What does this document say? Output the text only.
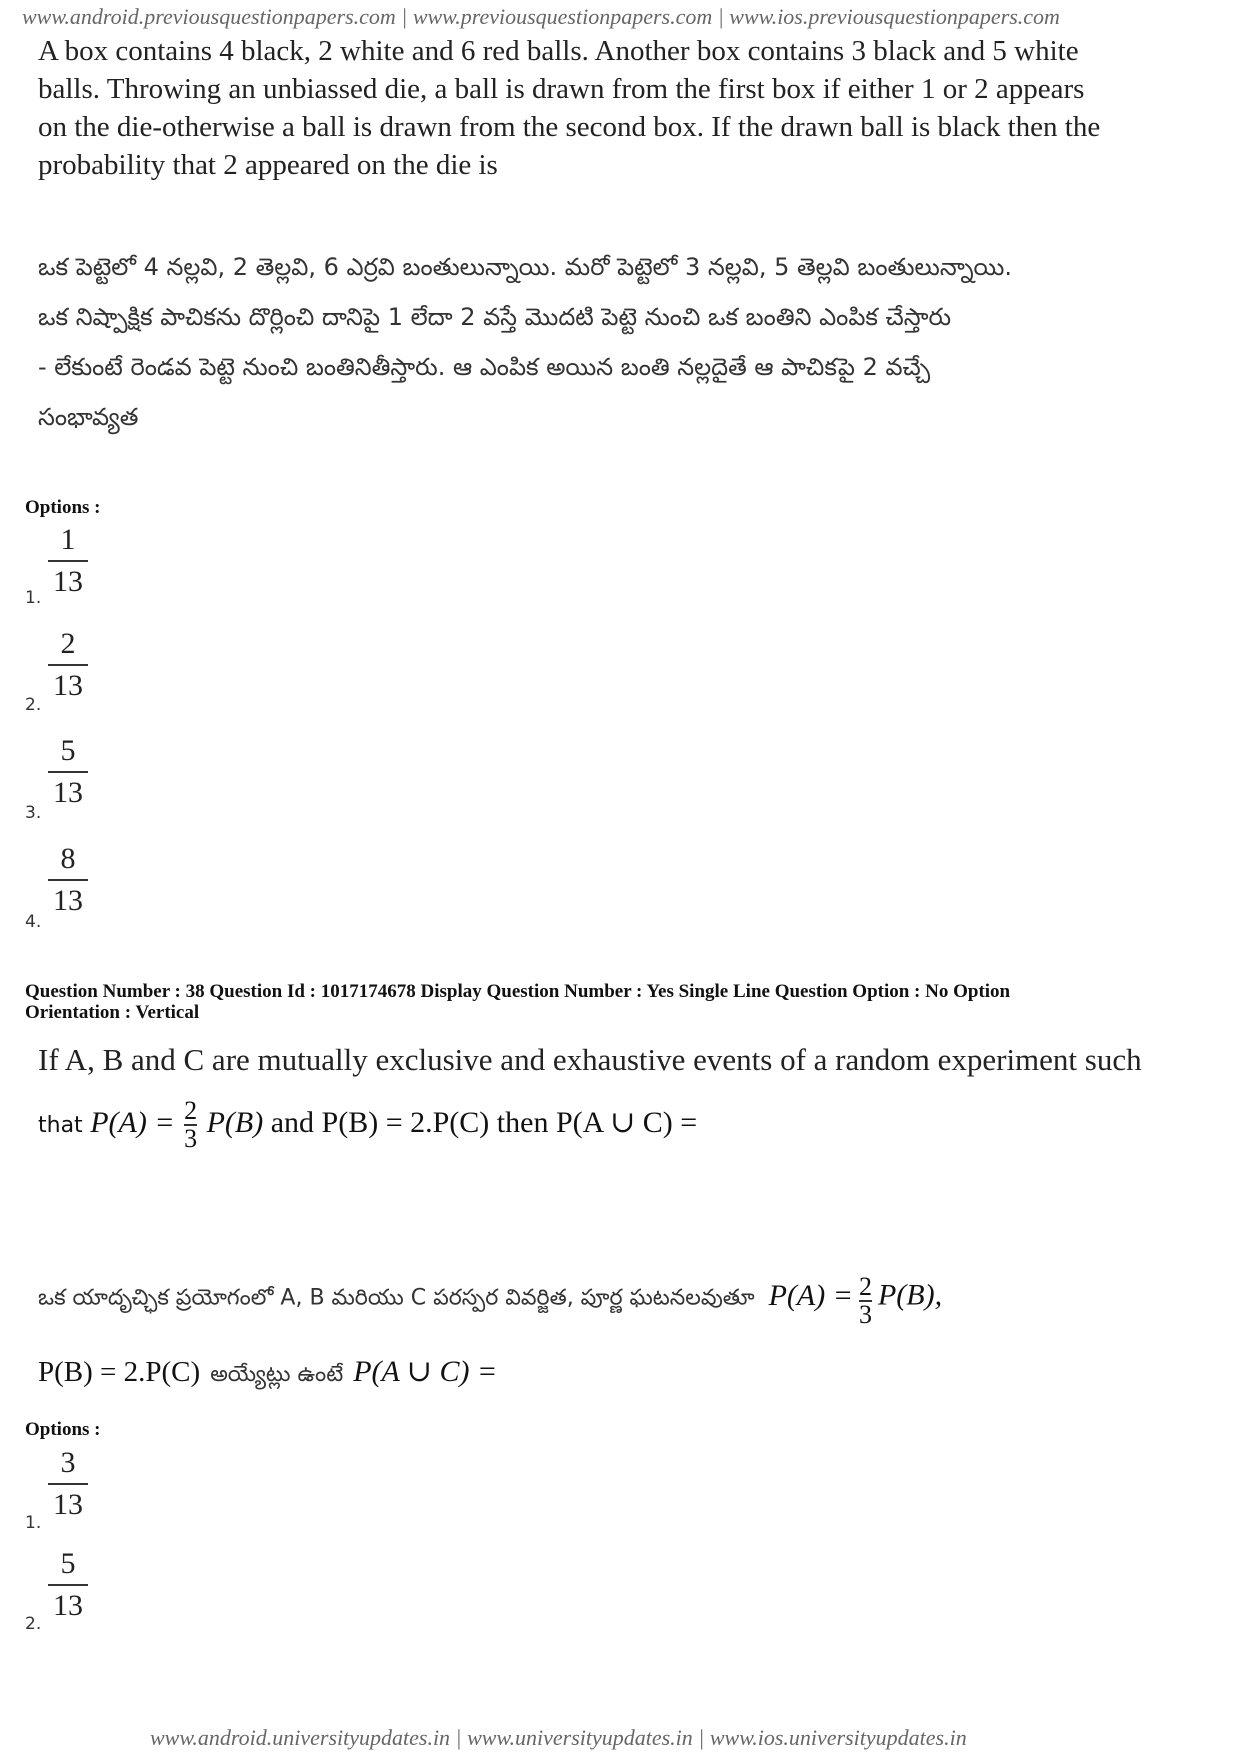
www.android.previousquestionpapers.com | www.previousquestionpapers.com | www.ios.previousquestionpapers.com
A box contains 4 black, 2 white and 6 red balls. Another box contains 3 black and 5 white
balls. Throwing an unbiassed die, a ball is drawn from the first box if either 1 or 2 appears
on the die-otherwise a ball is drawn from the second box. If the drawn ball is black then the
probability that 2 appeared on the die is
ఒక పెట్టెలో 4 నల్లవి, 2 తెల్లవి, 6 ఎర్రవి బంతులున్నాయి. మరో పెట్టెలో 3 నల్లవి, 5 తెల్లవి బంతులున్నాయి.
ఒక నిష్పాక్షిక పాచికను దొర్లించి దానిపై 1 లేదా 2 వస్తే మొదటి పెట్టె నుంచి ఒక బంతిని ఎంపిక చేస్తారు
- లేకుంటే రెండవ పెట్టె నుంచి బంతినితీస్తారు. ఆ ఎంపిక అయిన బంతి నల్లదైతే ఆ పాచికపై 2 వచ్చే
సంభావ్యత
Options :
1.
1
13
2.
2
13
3.
5
13
4.
8
13
Question Number : 38 Question Id : 1017174678 Display Question Number : Yes Single Line Question Option : No Option
Orientation : Vertical
If A, B and C are mutually exclusive and exhaustive events of a random experiment such
that $P(A) = \frac{2}{3} P(B)$ and P(B) = 2.P(C) then P(A ∪ C) =
ఒక యాదృచ్ఛిక ప్రయోగంలో A, B మరియు C పరస్పర వివర్జిత, పూర్ణ ఘటనలవుతూ $P(A) = \frac{2}{3} P(B)$,
P(B) = 2.P(C) అయ్యేట్లు ఉంటే P(A ∪ C) =
Options :
1.
3
13
2.
5
13
www.android.universityupdates.in | www.universityupdates.in | www.ios.universityupdates.in
